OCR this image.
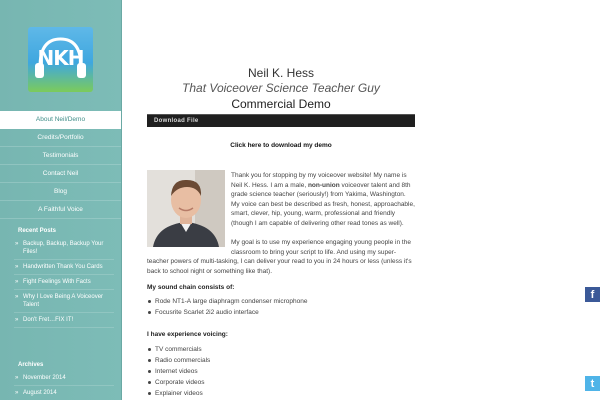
NKH
About Neil/Demo
Credits/Portfolio
Testimonials
Contact Neil
Blog
A Faithful Voice
Recent Posts
» Backup, Backup, Backup Your Files!
» Handwritten Thank You Cards
» Fight Feelings With Facts
» Why I Love Being A Voiceover Talent
» Don't Fret…FIX IT!
Archives
» November 2014
» August 2014
Neil K. Hess
That Voiceover Science Teacher Guy
Commercial Demo
Download File
Click here to download my demo
Thank you for stopping by my voiceover website! My name is Neil K. Hess. I am a male, non-union voiceover talent and 8th grade science teacher (seriously!) from Yakima, Washington. My voice can best be described as fresh, honest, approachable, smart, clever, hip, young, warm, professional and friendly (though I am capable of delivering other read tones as well).
My goal is to use my experience engaging young people in the classroom to bring your script to life. And using my super-
teacher powers of multi-tasking, I can deliver your read to you in 24 hours or less (unless it's back to school night or something like that).
My sound chain consists of:
Rode NT1-A large diaphragm condenser microphone
Focusrite Scarlet 2i2 audio interface
I have experience voicing:
TV commercials
Radio commercials
Internet videos
Corporate videos
Explainer videos
f
t
